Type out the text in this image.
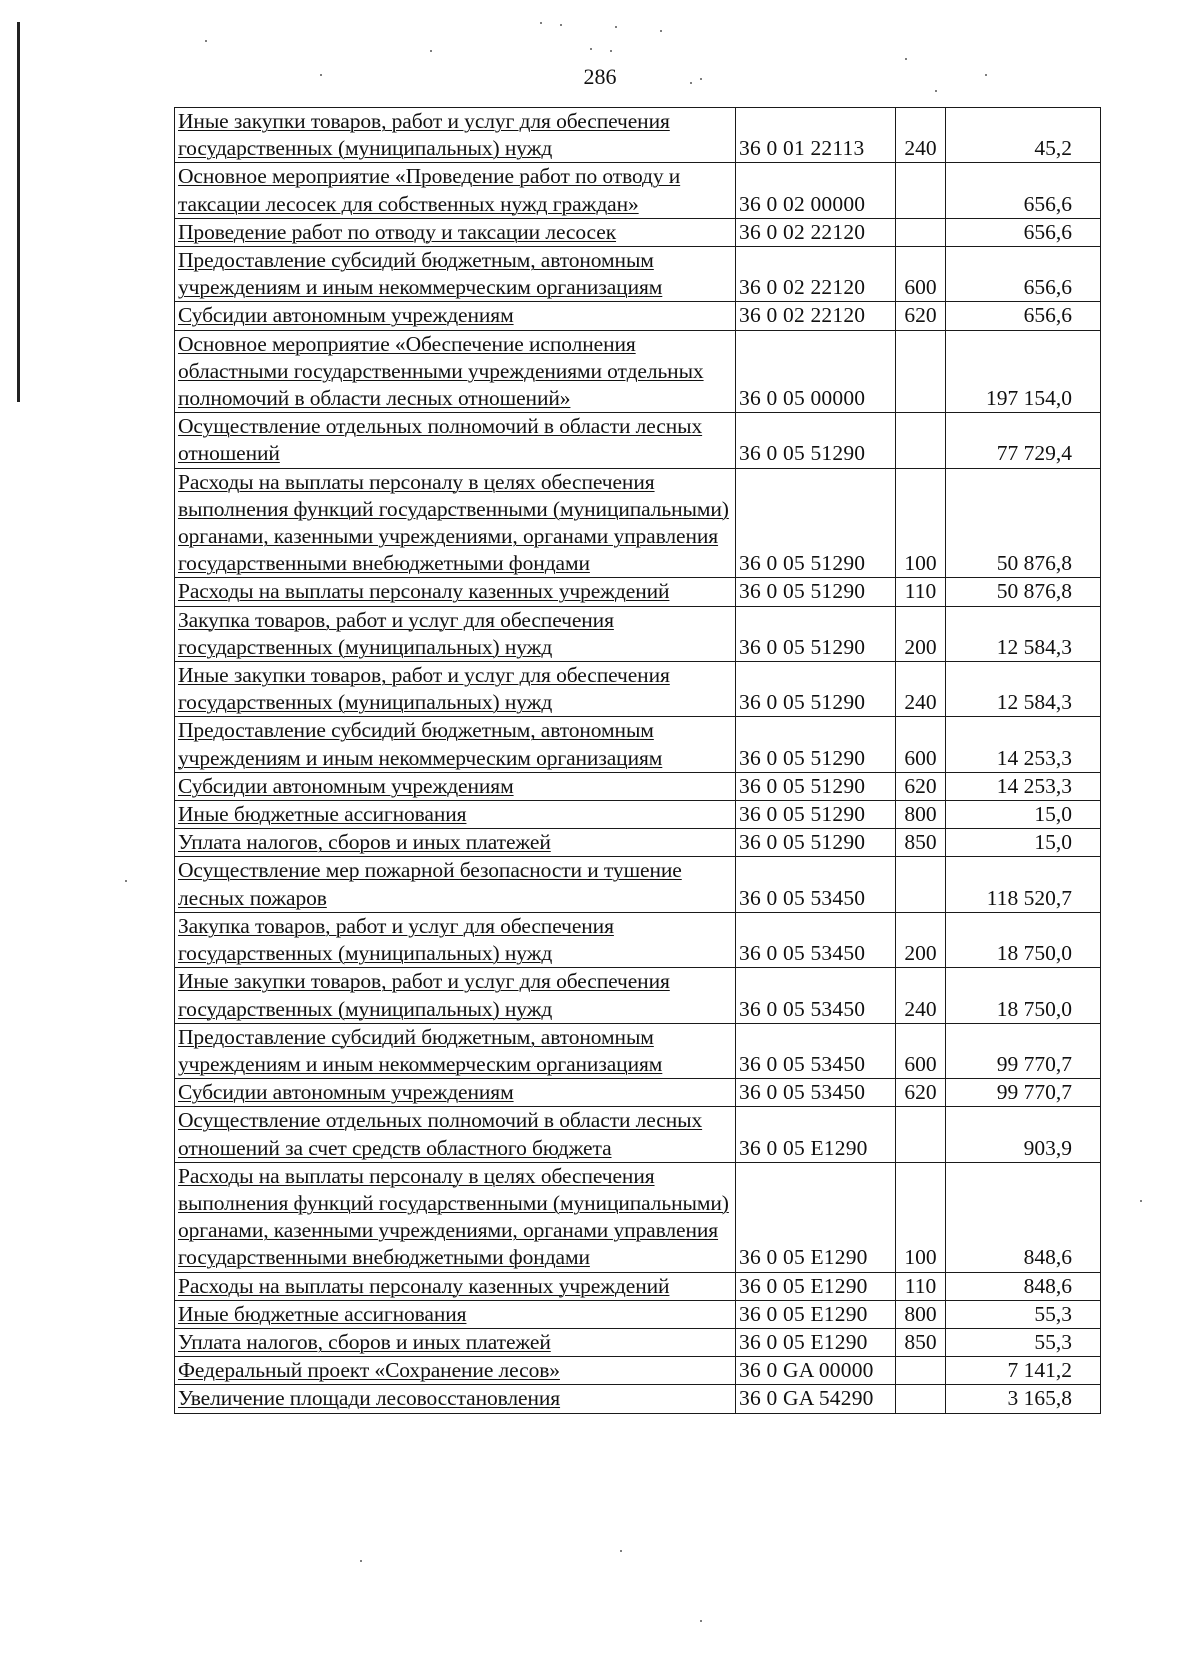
286
Иные закупки товаров, работ и услуг для обеспечения государственных (муниципальных) нужд	36 0 01 22113	240	45,2
Основное мероприятие «Проведение работ по отводу и таксации лесосек для собственных нужд граждан»	36 0 02 00000		656,6
Проведение работ по отводу и таксации лесосек	36 0 02 22120		656,6
Предоставление субсидий бюджетным, автономным учреждениям и иным некоммерческим организациям	36 0 02 22120	600	656,6
Субсидии автономным учреждениям	36 0 02 22120	620	656,6
Основное мероприятие «Обеспечение исполнения областными государственными учреждениями отдельных полномочий в области лесных отношений»	36 0 05 00000		197 154,0
Осуществление отдельных полномочий в области лесных отношений	36 0 05 51290		77 729,4
Расходы на выплаты персоналу в целях обеспечения выполнения функций государственными (муниципальными) органами, казенными учреждениями, органами управления государственными внебюджетными фондами	36 0 05 51290	100	50 876,8
Расходы на выплаты персоналу казенных учреждений	36 0 05 51290	110	50 876,8
Закупка товаров, работ и услуг для обеспечения государственных (муниципальных) нужд	36 0 05 51290	200	12 584,3
Иные закупки товаров, работ и услуг для обеспечения государственных (муниципальных) нужд	36 0 05 51290	240	12 584,3
Предоставление субсидий бюджетным, автономным учреждениям и иным некоммерческим организациям	36 0 05 51290	600	14 253,3
Субсидии автономным учреждениям	36 0 05 51290	620	14 253,3
Иные бюджетные ассигнования	36 0 05 51290	800	15,0
Уплата налогов, сборов и иных платежей	36 0 05 51290	850	15,0
Осуществление мер пожарной безопасности и тушение лесных пожаров	36 0 05 53450		118 520,7
Закупка товаров, работ и услуг для обеспечения государственных (муниципальных) нужд	36 0 05 53450	200	18 750,0
Иные закупки товаров, работ и услуг для обеспечения государственных (муниципальных) нужд	36 0 05 53450	240	18 750,0
Предоставление субсидий бюджетным, автономным учреждениям и иным некоммерческим организациям	36 0 05 53450	600	99 770,7
Субсидии автономным учреждениям	36 0 05 53450	620	99 770,7
Осуществление отдельных полномочий в области лесных отношений за счет средств областного бюджета	36 0 05 E1290		903,9
Расходы на выплаты персоналу в целях обеспечения выполнения функций государственными (муниципальными) органами, казенными учреждениями, органами управления государственными внебюджетными фондами	36 0 05 E1290	100	848,6
Расходы на выплаты персоналу казенных учреждений	36 0 05 E1290	110	848,6
Иные бюджетные ассигнования	36 0 05 E1290	800	55,3
Уплата налогов, сборов и иных платежей	36 0 05 E1290	850	55,3
Федеральный проект «Сохранение лесов»	36 0 GA 00000		7 141,2
Увеличение площади лесовосстановления	36 0 GA 54290		3 165,8
